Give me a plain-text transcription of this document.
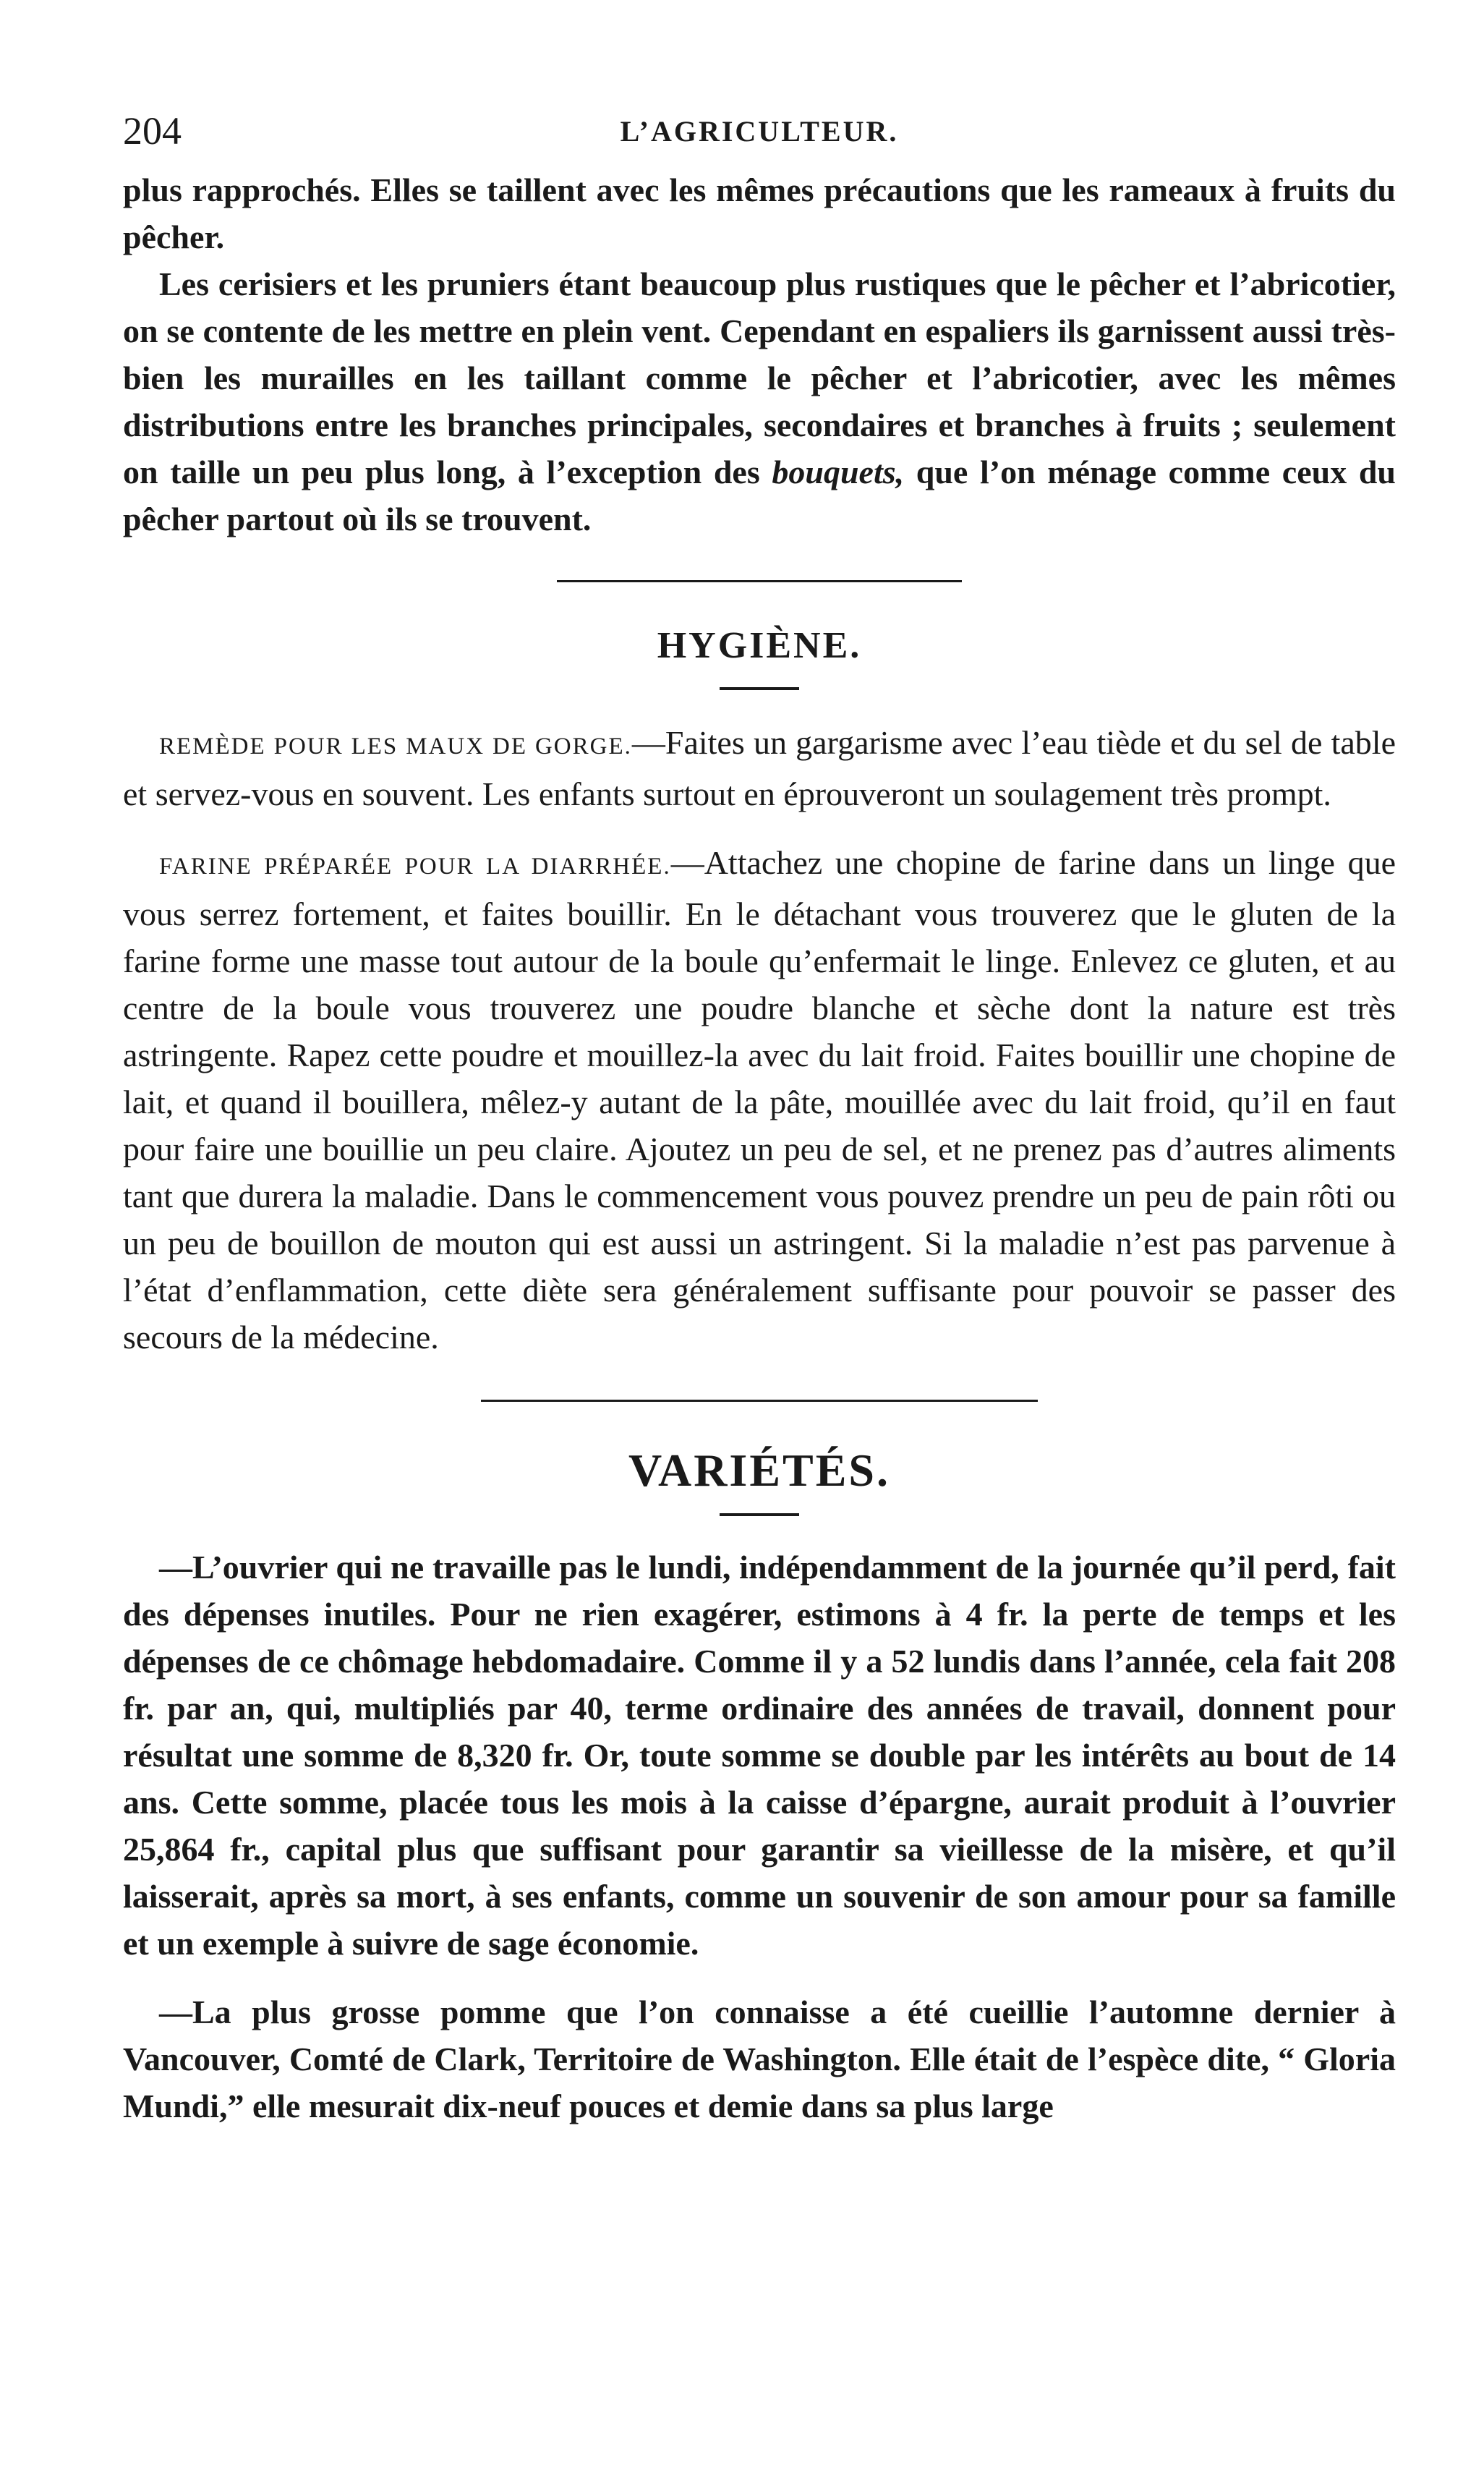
204	L’AGRICULTEUR.

plus rapprochés. Elles se taillent avec les mêmes précautions que les rameaux à fruits du pêcher.

Les cerisiers et les pruniers étant beaucoup plus rustiques que le pêcher et l’abricotier, on se contente de les mettre en plein vent. Cependant en espaliers ils garnissent aussi très-bien les murailles en les taillant comme le pêcher et l’abricotier, avec les mêmes distributions entre les branches principales, secondaires et branches à fruits ; seulement on taille un peu plus long, à l’exception des bouquets, que l’on ménage comme ceux du pêcher partout où ils se trouvent.

HYGIÈNE.

REMÈDE POUR LES MAUX DE GORGE.—Faites un gargarisme avec l’eau tiède et du sel de table et servez-vous en souvent. Les enfants surtout en éprouveront un soulagement très prompt.

FARINE PRÉPARÉE POUR LA DIARRHÉE.—Attachez une chopine de farine dans un linge que vous serrez fortement, et faites bouillir. En le détachant vous trouverez que le gluten de la farine forme une masse tout autour de la boule qu’enfermait le linge. Enlevez ce gluten, et au centre de la boule vous trouverez une poudre blanche et sèche dont la nature est très astringente. Rapez cette poudre et mouillez-la avec du lait froid. Faites bouillir une chopine de lait, et quand il bouillera, mêlez-y autant de la pâte, mouillée avec du lait froid, qu’il en faut pour faire une bouillie un peu claire. Ajoutez un peu de sel, et ne prenez pas d’autres aliments tant que durera la maladie. Dans le commencement vous pouvez prendre un peu de pain rôti ou un peu de bouillon de mouton qui est aussi un astringent. Si la maladie n’est pas parvenue à l’état d’enflammation, cette diète sera généralement suffisante pour pouvoir se passer des secours de la médecine.

VARIÉTÉS.

—L’ouvrier qui ne travaille pas le lundi, indépendamment de la journée qu’il perd, fait des dépenses inutiles. Pour ne rien exagérer, estimons à 4 fr. la perte de temps et les dépenses de ce chômage hebdomadaire. Comme il y a 52 lundis dans l’année, cela fait 208 fr. par an, qui, multipliés par 40, terme ordinaire des années de travail, donnent pour résultat une somme de 8,320 fr. Or, toute somme se double par les intérêts au bout de 14 ans. Cette somme, placée tous les mois à la caisse d’épargne, aurait produit à l’ouvrier 25,864 fr., capital plus que suffisant pour garantir sa vieillesse de la misère, et qu’il laisserait, après sa mort, à ses enfants, comme un souvenir de son amour pour sa famille et un exemple à suivre de sage économie.

—La plus grosse pomme que l’on connaisse a été cueillie l’automne dernier à Vancouver, Comté de Clark, Territoire de Washington. Elle était de l’espèce dite, “ Gloria Mundi,” elle mesurait dix-neuf pouces et demie dans sa plus large
